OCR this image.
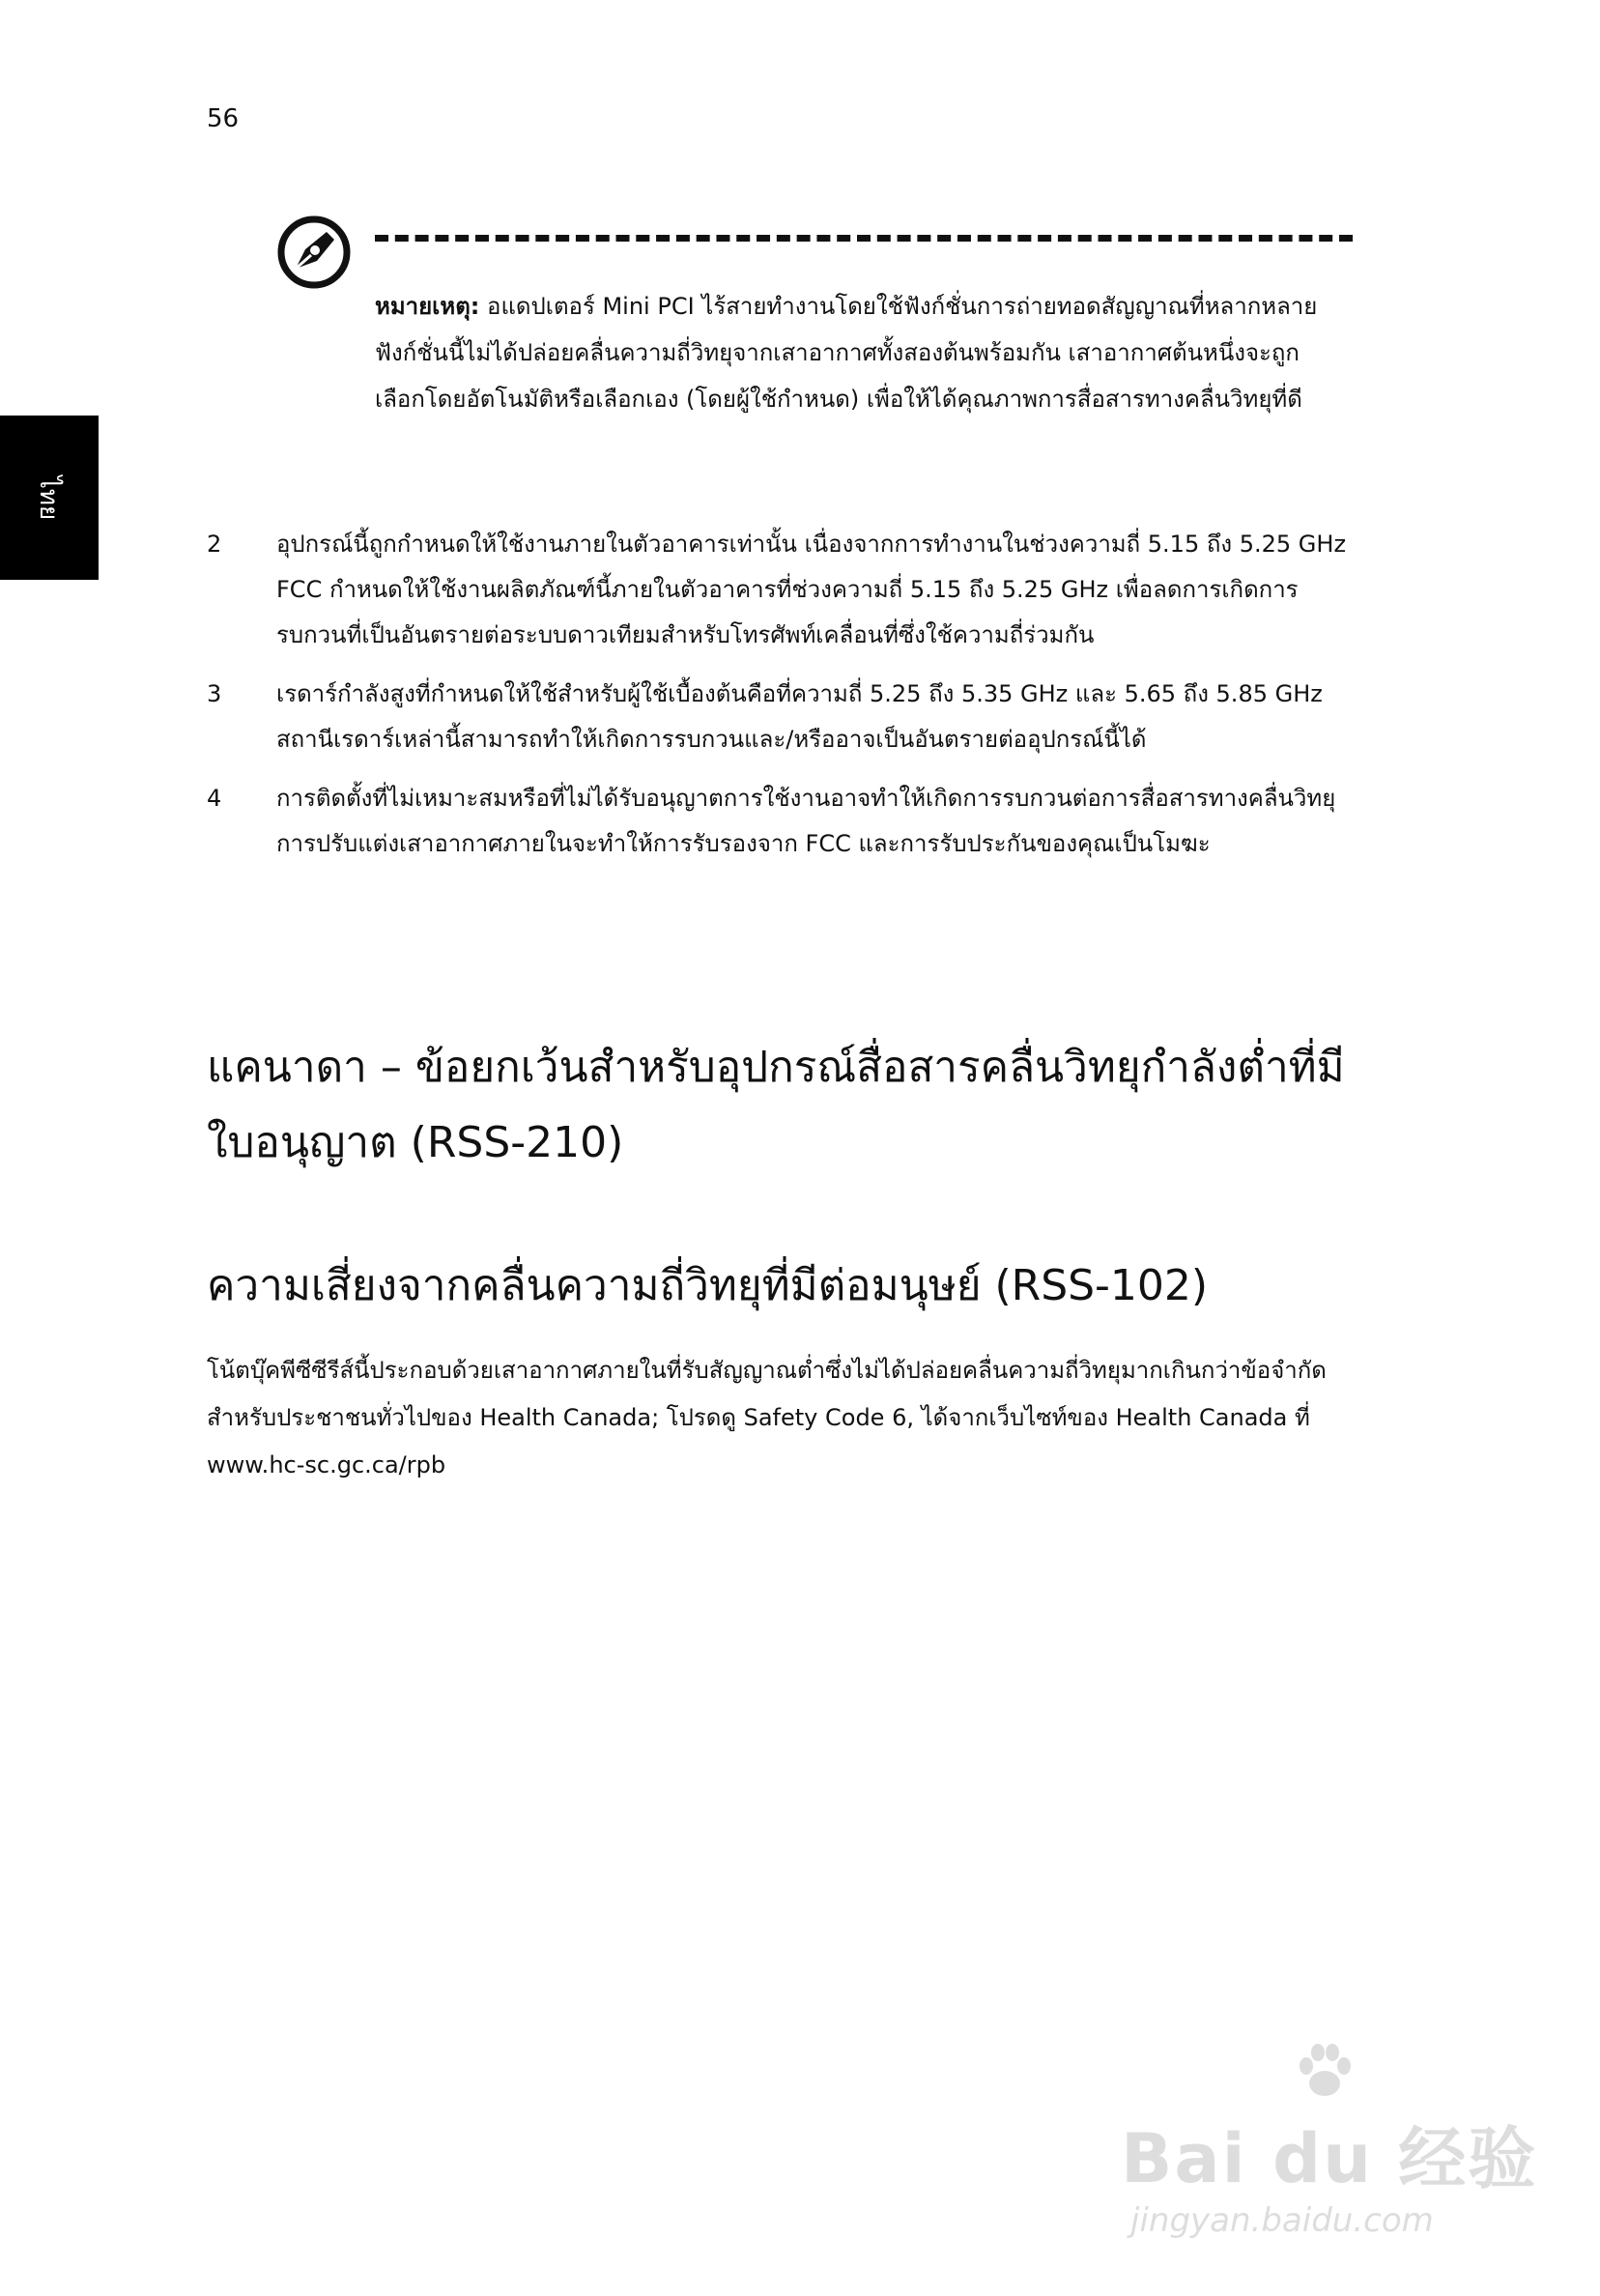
56
ไทย
หมายเหตุ: อแดปเตอร์ Mini PCI ไร้สายทำงานโดยใช้ฟังก์ชั่นการถ่ายทอดสัญญาณที่หลากหลาย ฟังก์ชั่นนี้ไม่ได้ปล่อยคลื่นความถี่วิทยุจากเสาอากาศทั้งสองต้นพร้อมกัน เสาอากาศต้นหนึ่งจะถูกเลือกโดยอัตโนมัติหรือเลือกเอง (โดยผู้ใช้กำหนด) เพื่อให้ได้คุณภาพการสื่อสารทางคลื่นวิทยุที่ดี
2	อุปกรณ์นี้ถูกกำหนดให้ใช้งานภายในตัวอาคารเท่านั้น เนื่องจากการทำงานในช่วงความถี่ 5.15 ถึง 5.25 GHz FCC กำหนดให้ใช้งานผลิตภัณฑ์นี้ภายในตัวอาคารที่ช่วงความถี่ 5.15 ถึง 5.25 GHz เพื่อลดการเกิดการรบกวนที่เป็นอันตรายต่อระบบดาวเทียมสำหรับโทรศัพท์เคลื่อนที่ซึ่งใช้ความถี่ร่วมกัน
3	เรดาร์กำลังสูงที่กำหนดให้ใช้สำหรับผู้ใช้เบื้องต้นคือที่ความถี่ 5.25 ถึง 5.35 GHz และ 5.65 ถึง 5.85 GHz สถานีเรดาร์เหล่านี้สามารถทำให้เกิดการรบกวนและ/หรืออาจเป็นอันตรายต่ออุปกรณ์นี้ได้
4	การติดตั้งที่ไม่เหมาะสมหรือที่ไม่ได้รับอนุญาตการใช้งานอาจทำให้เกิดการรบกวนต่อการสื่อสารทางคลื่นวิทยุ การปรับแต่งเสาอากาศภายในจะทำให้การรับรองจาก FCC และการรับประกันของคุณเป็นโมฆะ
แคนาดา – ข้อยกเว้นสำหรับอุปกรณ์สื่อสารคลื่นวิทยุกำลังต่ำที่มีใบอนุญาต (RSS-210)
ความเสี่ยงจากคลื่นความถี่วิทยุที่มีต่อมนุษย์ (RSS-102)

โน้ตบุ๊คพีซีซีรีส์นี้ประกอบด้วยเสาอากาศภายในที่รับสัญญาณต่ำซึ่งไม่ได้ปล่อยคลื่นความถี่วิทยุมากเกินกว่าข้อจำกัดสำหรับประชาชนทั่วไปของ Health Canada; โปรดดู Safety Code 6, ได้จากเว็บไซท์ของ Health Canada ที่ www.hc-sc.gc.ca/rpb

Bai du 经验
jingyan.baidu.com
